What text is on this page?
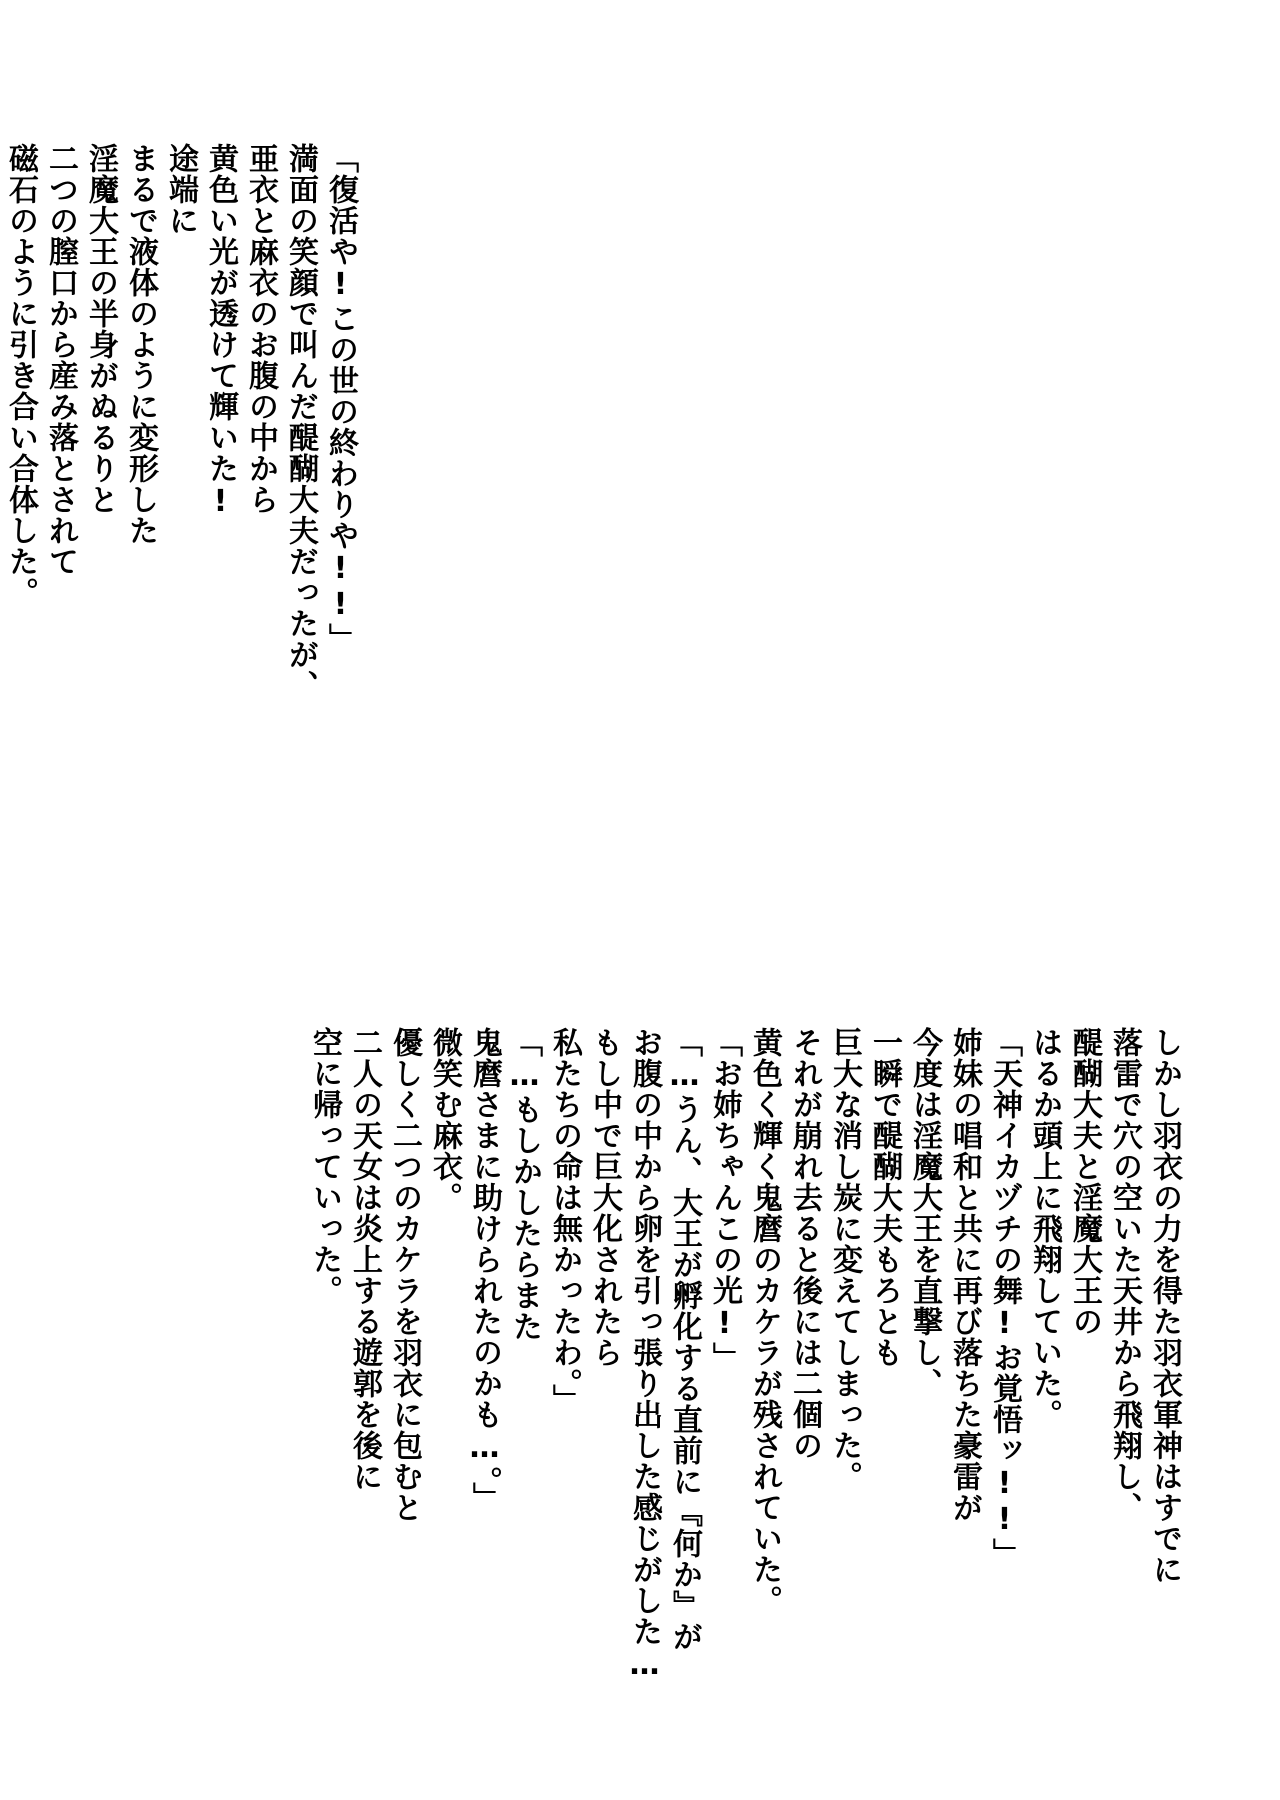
「復活や!この世の終わりや!!」
満面の笑顔で叫んだ醍醐大夫だったが、
亜衣と麻衣のお腹の中から
黄色い光が透けて輝いた!
途端に
まるで液体のように変形した
淫魔大王の半身がぬるりと
二つの膣口から産み落とされて
磁石のように引き合い合体した。
しかし羽衣の力を得た羽衣軍神はすでに
落雷で穴の空いた天井から飛翔し、
醍醐大夫と淫魔大王の
はるか頭上に飛翔していた。
「天神イカヅチの舞!お覚悟ッ!!」
姉妹の唱和と共に再び落ちた豪雷が
今度は淫魔大王を直撃し、
一瞬で醍醐大夫もろとも
巨大な消し炭に変えてしまった。
それが崩れ去ると後には二個の
黄色く輝く鬼麿のカケラが残されていた。
「お姉ちゃんこの光!」
「…うん、大王が孵化する直前に『何か』が
お腹の中から卵を引っ張り出した感じがした…
もし中で巨大化されたら
私たちの命は無かったわ。」
「…もしかしたらまた
鬼麿さまに助けられたのかも…。」
微笑む麻衣。
優しく二つのカケラを羽衣に包むと
二人の天女は炎上する遊郭を後に
空に帰っていった。
